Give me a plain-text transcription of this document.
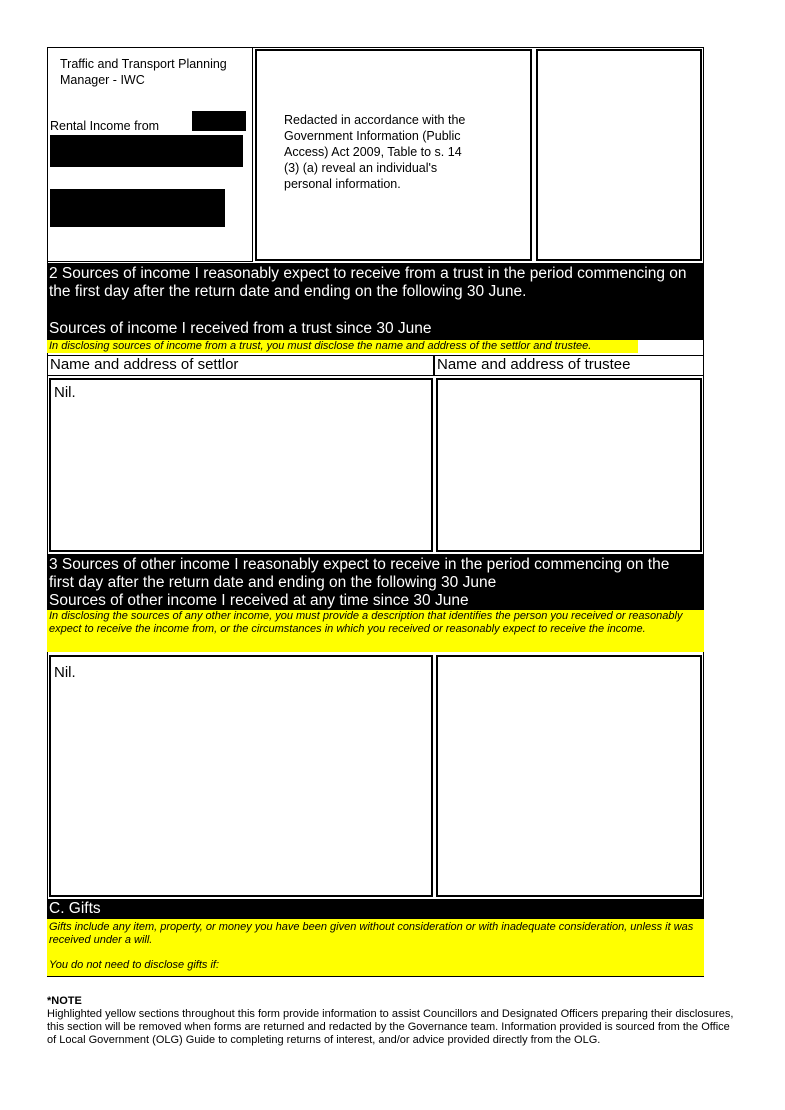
Traffic and Transport Planning Manager - IWC
Rental Income from	Redacted in accordance with the Government Information (Public Access) Act 2009, Table to s. 14 (3) (a) reveal an individual's personal information.
2 Sources of income I reasonably expect to receive from a trust in the period commencing on the first day after the return date and ending on the following 30 June.
Sources of income I received from a trust since 30 June
In disclosing sources of income from a trust, you must disclose the name and address of the settlor and trustee.
Name and address of settlor	Name and address of trustee
Nil.
3 Sources of other income I reasonably expect to receive in the period commencing on the
first day after the return date and ending on the following 30 June
Sources of other income I received at any time since 30 June
In disclosing the sources of any other income, you must provide a description that identifies the person you received or reasonably expect to receive the income from, or the circumstances in which you received or reasonably expect to receive the income.
Nil.
C. Gifts
Gifts include any item, property, or money you have been given without consideration or with inadequate consideration, unless it was received under a will.
You do not need to disclose gifts if:
*NOTE
Highlighted yellow sections throughout this form provide information to assist Councillors and Designated Officers preparing their disclosures, this section will be removed when forms are returned and redacted by the Governance team. Information provided is sourced from the Office of Local Government (OLG) Guide to completing returns of interest, and/or advice provided directly from the OLG.
